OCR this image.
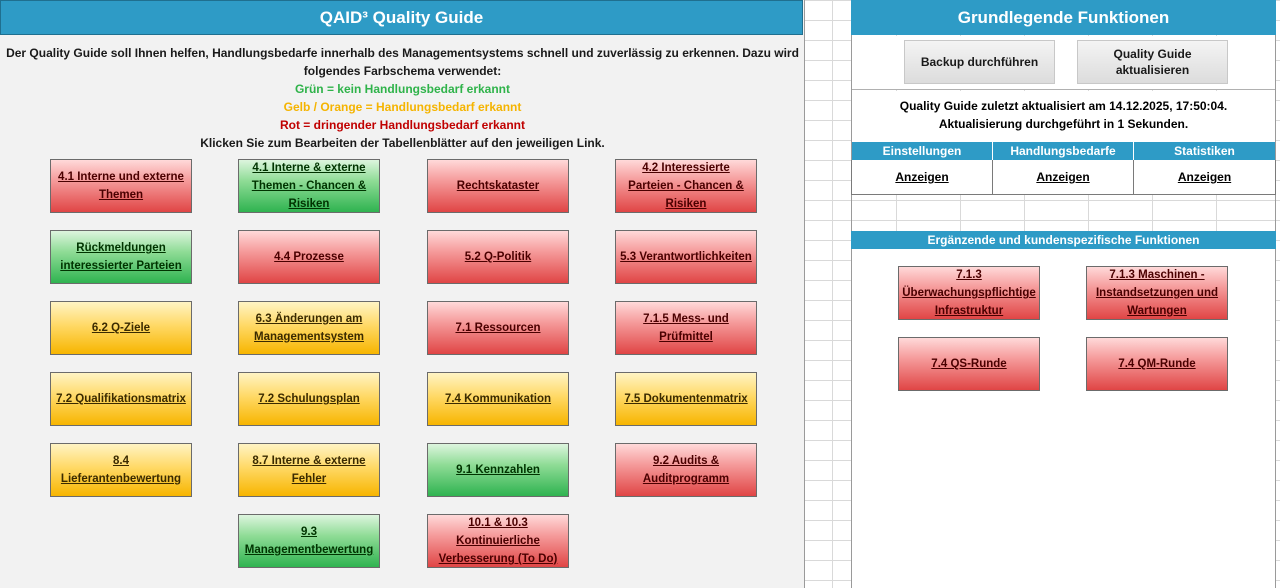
QAID³ Quality Guide
Der Quality Guide soll Ihnen helfen, Handlungsbedarfe innerhalb des Managementsystems schnell und zuverlässig zu erkennen. Dazu wird
folgendes Farbschema verwendet:
Grün = kein Handlungsbedarf erkannt
Gelb / Orange = Handlungsbedarf erkannt
Rot = dringender Handlungsbedarf erkannt
Klicken Sie zum Bearbeiten der Tabellenblätter auf den jeweiligen Link.
4.1 Interne und externe Themen
4.1 Interne & externe Themen - Chancen & Risiken
Rechtskataster
4.2 Interessierte Parteien - Chancen & Risiken
Rückmeldungen interessierter Parteien
4.4 Prozesse	5.2 Q-Politik	5.3 Verantwortlichkeiten
6.2 Q-Ziele
6.3 Änderungen am Managementsystem
7.1 Ressourcen
7.1.5 Mess- und Prüfmittel
7.2 Qualifikationsmatrix	7.2 Schulungsplan	7.4 Kommunikation	7.5 Dokumentenmatrix
8.4 Lieferantenbewertung
8.7 Interne & externe Fehler
9.1 Kennzahlen
9.2 Audits & Auditprogramm
9.3 Managementbewertung
10.1 & 10.3 Kontinuierliche Verbesserung (To Do)
Grundlegende Funktionen
Backup durchführen
Quality Guide aktualisieren
Quality Guide zuletzt aktualisiert am 14.12.2025, 17:50:04.
Aktualisierung durchgeführt in 1 Sekunden.
Einstellungen	Handlungsbedarfe	Statistiken
Anzeigen	Anzeigen	Anzeigen
Ergänzende und kundenspezifische Funktionen
7.1.3 Überwachungspflichtige Infrastruktur
7.1.3 Maschinen - Instandsetzungen und Wartungen
7.4 QS-Runde	7.4 QM-Runde
